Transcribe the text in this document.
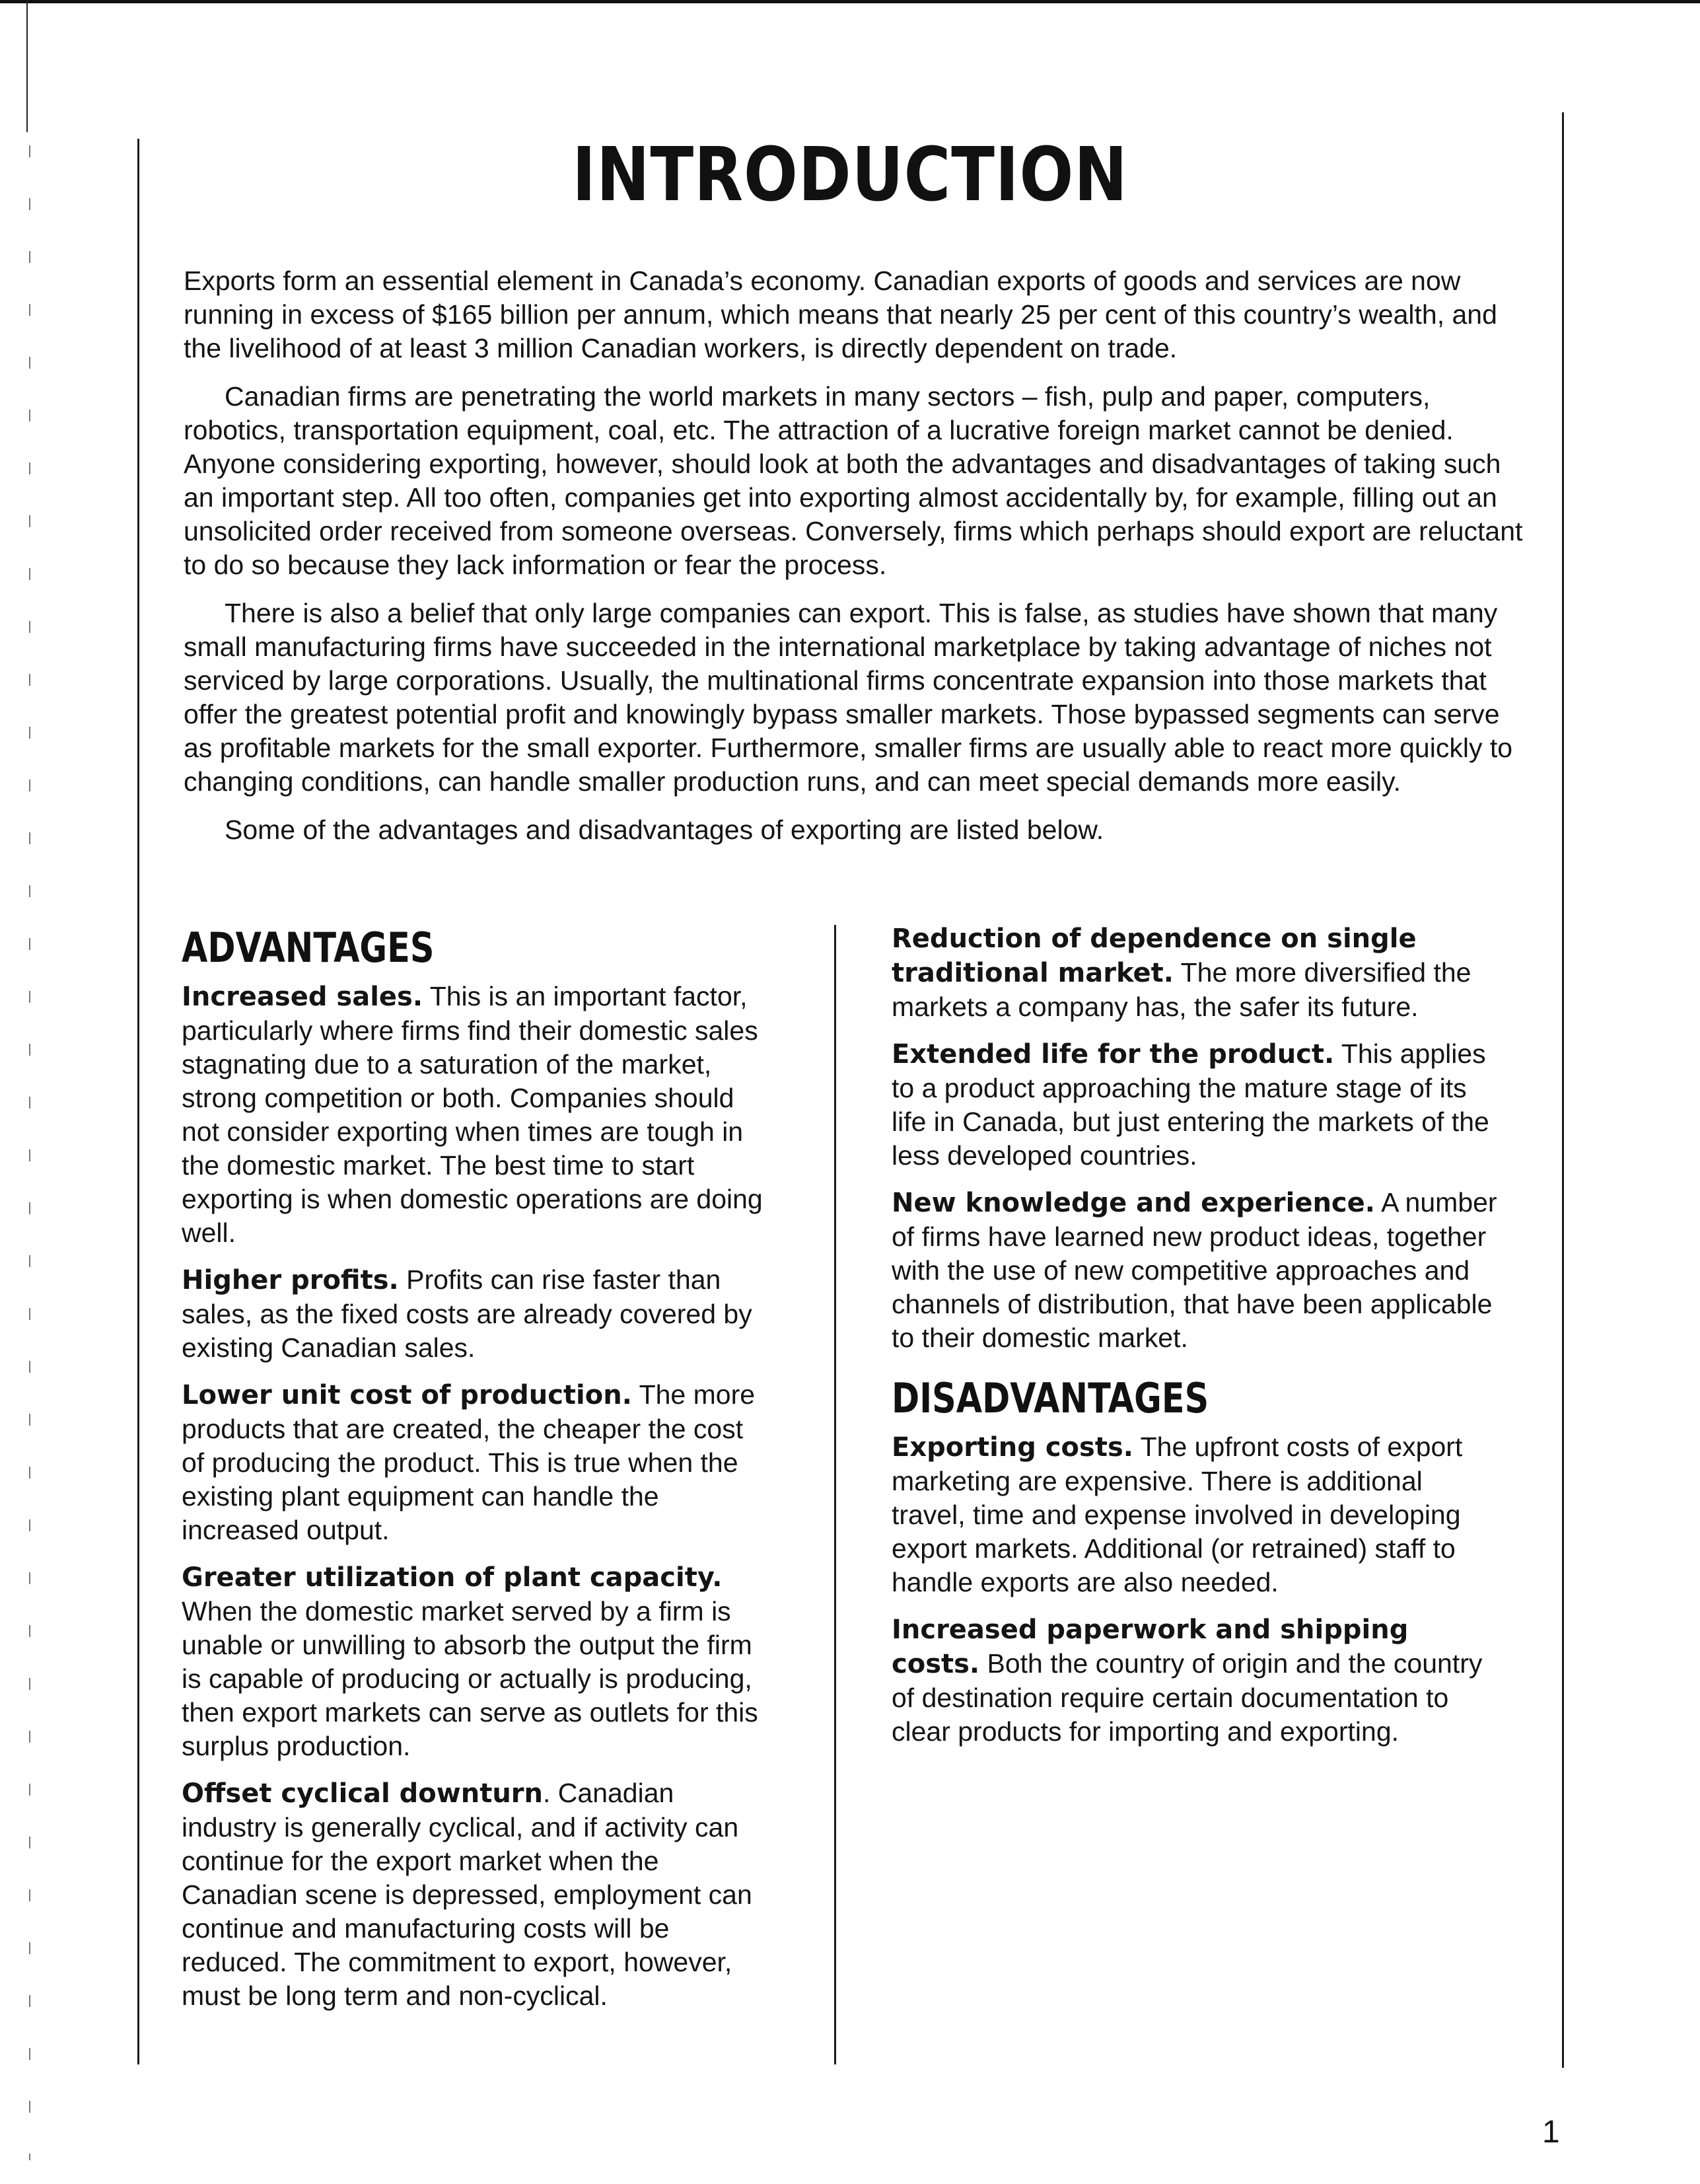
INTRODUCTION

Exports form an essential element in Canada’s economy. Canadian exports of goods and services are now running in excess of $165 billion per annum, which means that nearly 25 per cent of this country’s wealth, and the livelihood of at least 3 million Canadian workers, is directly dependent on trade.

Canadian firms are penetrating the world markets in many sectors – fish, pulp and paper, computers, robotics, transportation equipment, coal, etc. The attraction of a lucrative foreign market cannot be denied. Anyone considering exporting, however, should look at both the advantages and disadvantages of taking such an important step. All too often, companies get into exporting almost accidentally by, for example, filling out an unsolicited order received from someone overseas. Conversely, firms which perhaps should export are reluctant to do so because they lack information or fear the process.

There is also a belief that only large companies can export. This is false, as studies have shown that many small manufacturing firms have succeeded in the international marketplace by taking advantage of niches not serviced by large corporations. Usually, the multinational firms concentrate expansion into those markets that offer the greatest potential profit and knowingly bypass smaller markets. Those bypassed segments can serve as profitable markets for the small exporter. Furthermore, smaller firms are usually able to react more quickly to changing conditions, can handle smaller production runs, and can meet special demands more easily.

Some of the advantages and disadvantages of exporting are listed below.

ADVANTAGES
Increased sales. This is an important factor, particularly where firms find their domestic sales stagnating due to a saturation of the market, strong competition or both. Companies should not consider exporting when times are tough in the domestic market. The best time to start exporting is when domestic operations are doing well.
Higher profits. Profits can rise faster than sales, as the fixed costs are already covered by existing Canadian sales.
Lower unit cost of production. The more products that are created, the cheaper the cost of producing the product. This is true when the existing plant equipment can handle the increased output.
Greater utilization of plant capacity. When the domestic market served by a firm is unable or unwilling to absorb the output the firm is capable of producing or actually is producing, then export markets can serve as outlets for this surplus production.
Offset cyclical downturn. Canadian industry is generally cyclical, and if activity can continue for the export market when the Canadian scene is depressed, employment can continue and manufacturing costs will be reduced. The commitment to export, however, must be long term and non-cyclical.
Reduction of dependence on single traditional market. The more diversified the markets a company has, the safer its future.
Extended life for the product. This applies to a product approaching the mature stage of its life in Canada, but just entering the markets of the less developed countries.
New knowledge and experience. A number of firms have learned new product ideas, together with the use of new competitive approaches and channels of distribution, that have been applicable to their domestic market.
DISADVANTAGES
Exporting costs. The upfront costs of export marketing are expensive. There is additional travel, time and expense involved in developing export markets. Additional (or retrained) staff to handle exports are also needed.
Increased paperwork and shipping costs. Both the country of origin and the country of destination require certain documentation to clear products for importing and exporting.
1
